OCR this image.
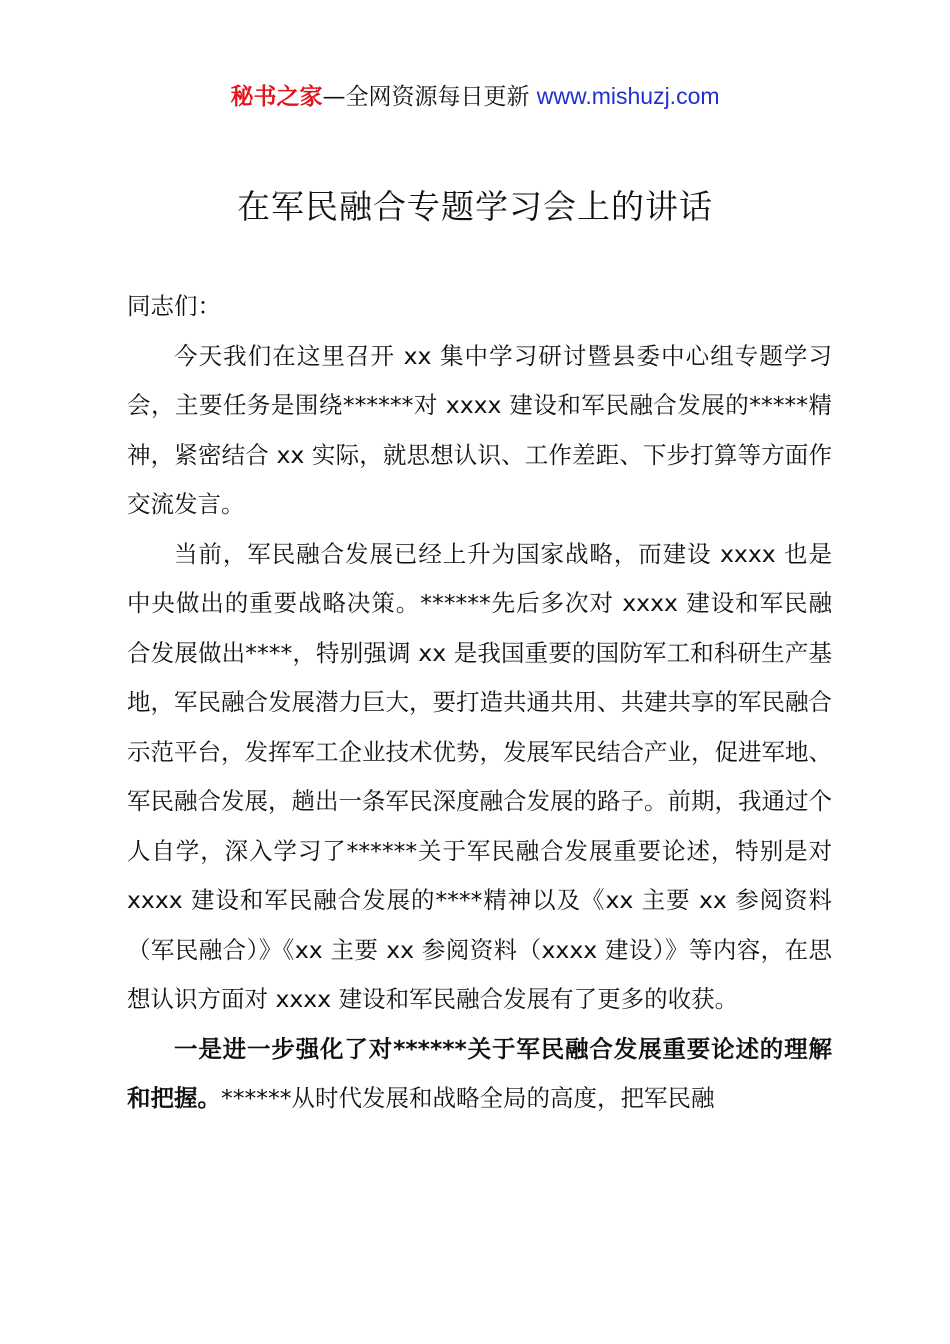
秘书之家—全网资源每日更新 www.mishuzj.com
在军民融合专题学习会上的讲话

同志们：

今天我们在这里召开 xx 集中学习研讨暨县委中心组专题学习会，主要任务是围绕******对 xxxx 建设和军民融合发展的*****精神，紧密结合 xx 实际，就思想认识、工作差距、下步打算等方面作交流发言。

当前，军民融合发展已经上升为国家战略，而建设 xxxx 也是中央做出的重要战略决策。******先后多次对 xxxx 建设和军民融合发展做出****，特别强调 xx 是我国重要的国防军工和科研生产基地，军民融合发展潜力巨大，要打造共通共用、共建共享的军民融合示范平台，发挥军工企业技术优势，发展军民结合产业，促进军地、军民融合发展，趟出一条军民深度融合发展的路子。前期，我通过个人自学，深入学习了******关于军民融合发展重要论述，特别是对 xxxx 建设和军民融合发展的****精神以及《xx 主要 xx 参阅资料（军民融合）》《xx 主要 xx 参阅资料（xxxx 建设）》等内容，在思想认识方面对 xxxx 建设和军民融合发展有了更多的收获。

一是进一步强化了对******关于军民融合发展重要论述的理解和把握。******从时代发展和战略全局的高度，把军民融
